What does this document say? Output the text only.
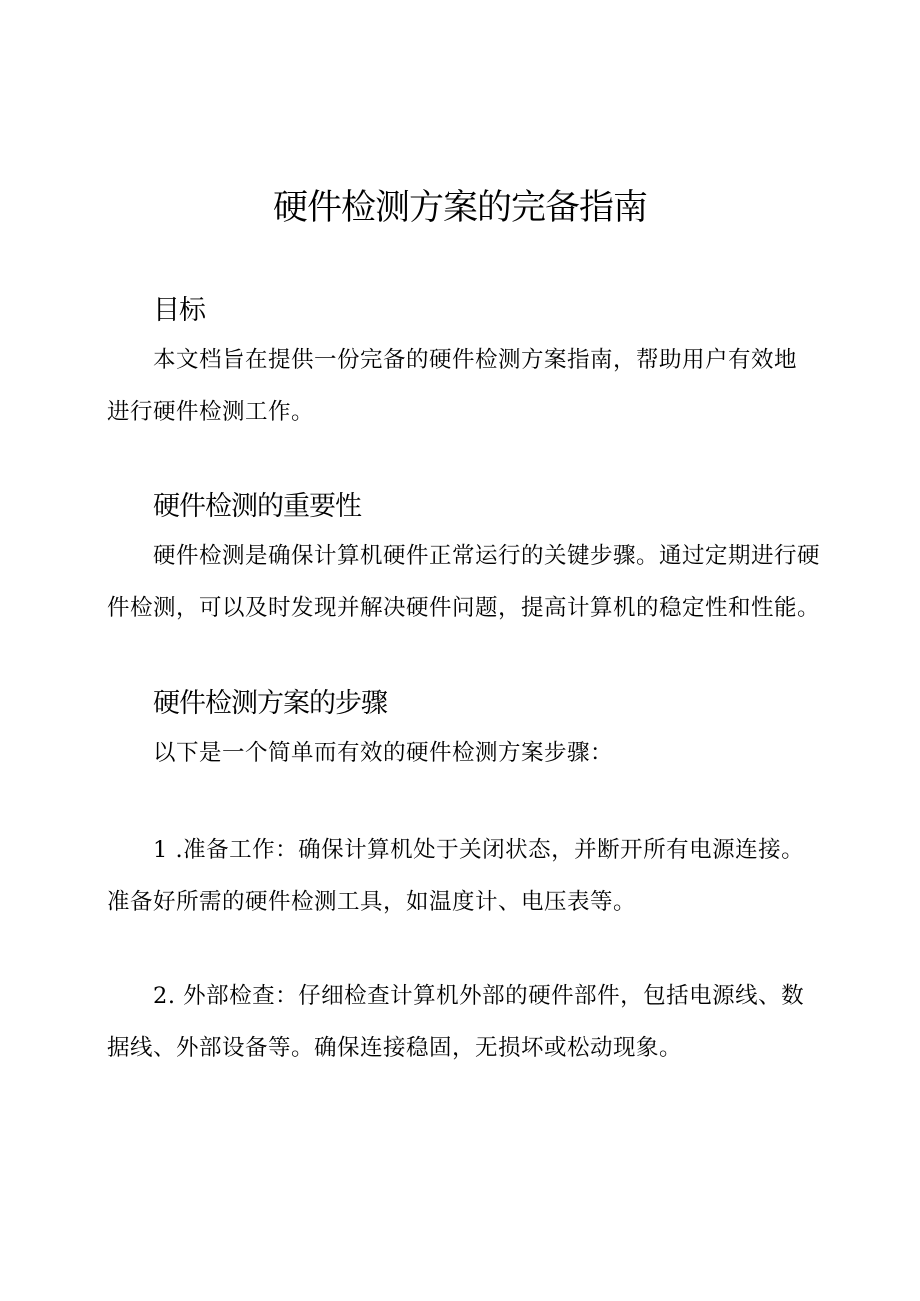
硬件检测方案的完备指南
目标

本文档旨在提供一份完备的硬件检测方案指南，帮助用户有效地
进行硬件检测工作。

硬件检测的重要性

硬件检测是确保计算机硬件正常运行的关键步骤。通过定期进行硬
件检测，可以及时发现并解决硬件问题，提高计算机的稳定性和性能。

硬件检测方案的步骤

以下是一个简单而有效的硬件检测方案步骤：

1 .准备工作：确保计算机处于关闭状态，并断开所有电源连接。
准备好所需的硬件检测工具，如温度计、电压表等。

2. 外部检查：仔细检查计算机外部的硬件部件，包括电源线、数
据线、外部设备等。确保连接稳固，无损坏或松动现象。
